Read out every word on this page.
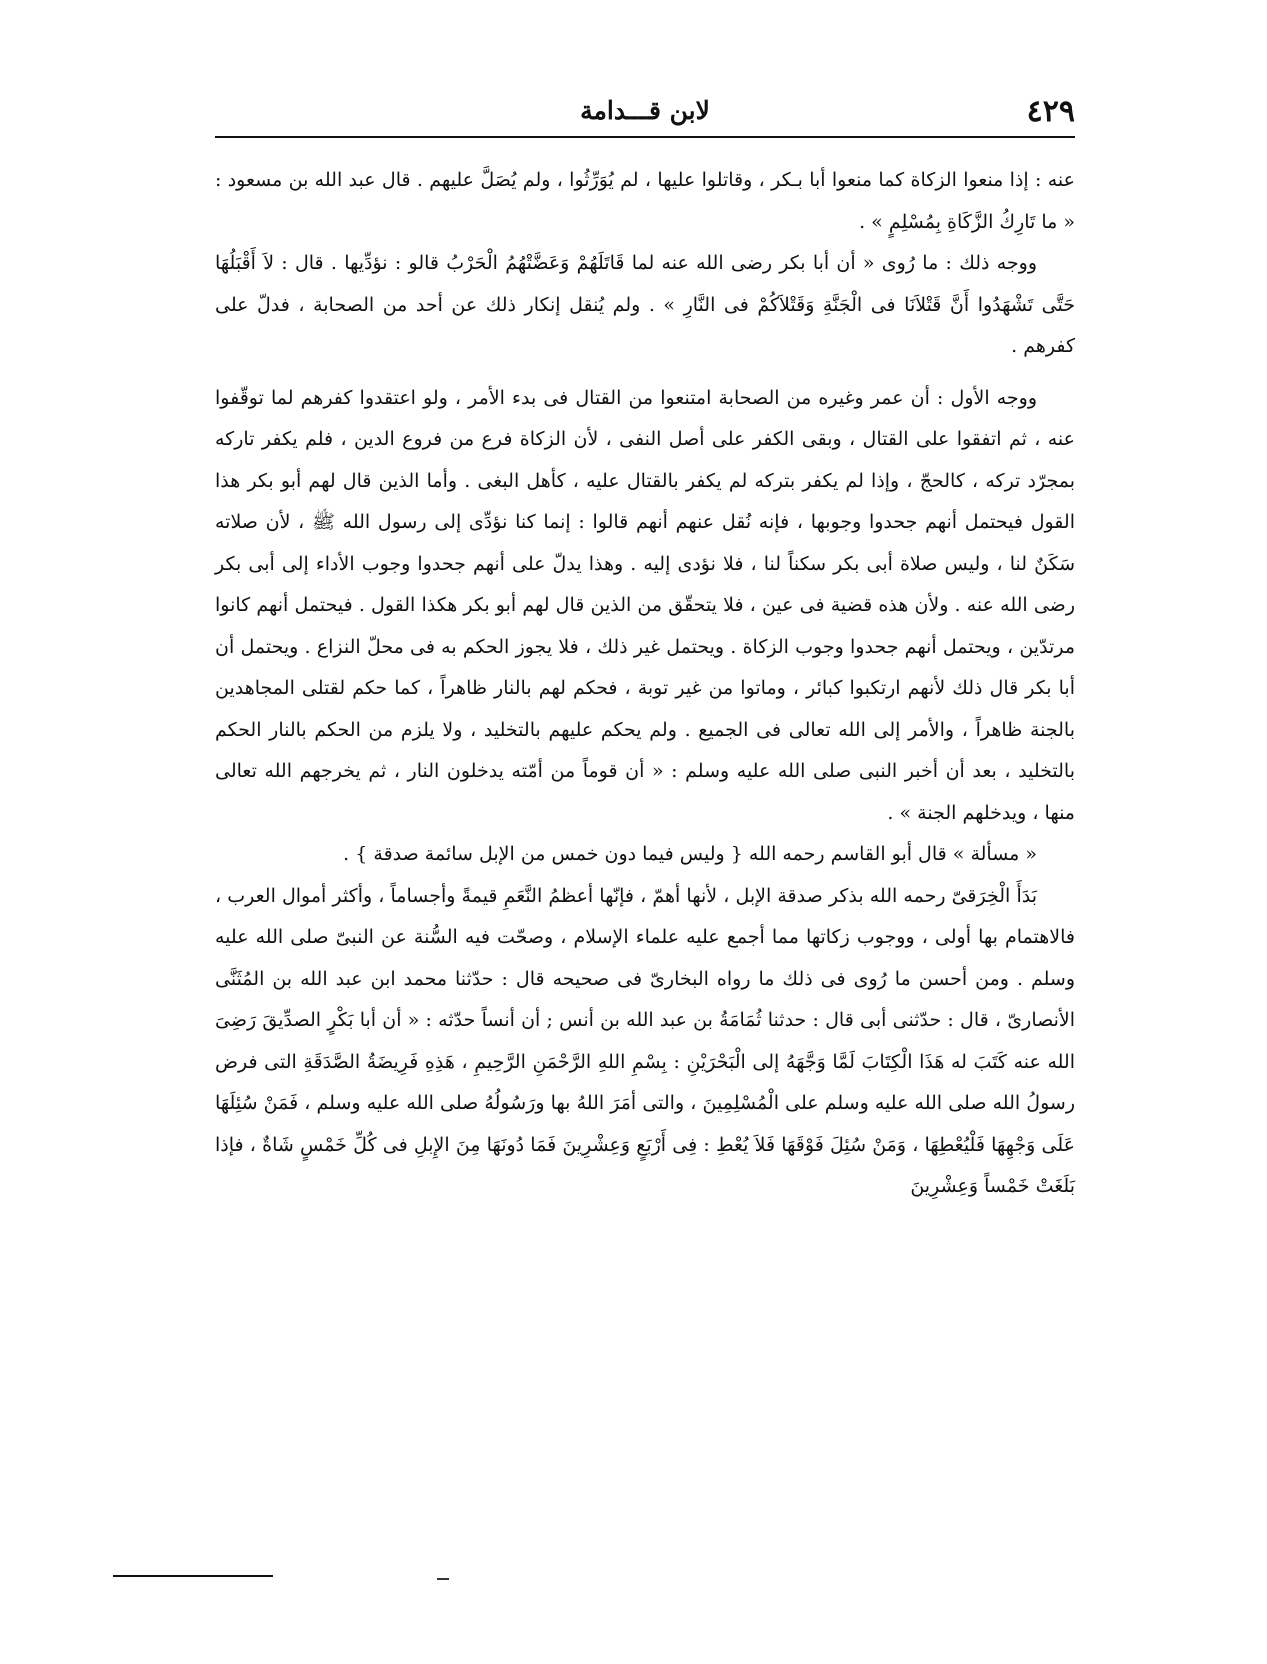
٤٢٩
لابن قـــدامة

عنه : إذا منعوا الزكاة كما منعوا أبا بـكر ، وقاتلوا عليها ، لم يُوَرِّثُوا ، ولم يُصَلَّ عليهم . قال عبد الله بن مسعود : « ما تَارِكُ الزَّكَاةِ بِمُسْلِمٍ » .

ووجه ذلك : ما رُوى « أن أبا بكر رضى الله عنه لما قَاتَلَهُمْ وَعَضَّتْهُمُ الْحَرْبُ قالو : نؤدِّيها . قال : لاَ أَقْبَلُهَا حَتَّى تَشْهَدُوا أَنَّ قَتْلاَنَا فى الْجَنَّةِ وَقَتْلاَكُمْ فى النَّارِ » . ولم يُنقل إنكار ذلك عن أحد من الصحابة ، فدلّ على كفرهم .

ووجه الأول : أن عمر وغيره من الصحابة امتنعوا من القتال فى بدء الأمر ، ولو اعتقدوا كفرهم لما توقّفوا عنه ، ثم اتفقوا على القتال ، وبقى الكفر على أصل النفى ، لأن الزكاة فرع من فروع الدين ، فلم يكفر تاركه بمجرّد تركه ، كالحجّ ، وإذا لم يكفر بتركه لم يكفر بالقتال عليه ، كأهل البغى . وأما الذين قال لهم أبو بكر هذا القول فيحتمل أنهم جحدوا وجوبها ، فإنه نُقل عنهم أنهم قالوا : إنما كنا نؤدِّى إلى رسول الله ﷺ ، لأن صلاته سَكَنٌ لنا ، وليس صلاة أبى بكر سكناً لنا ، فلا نؤدى إليه . وهذا يدلّ على أنهم جحدوا وجوب الأداء إلى أبى بكر رضى الله عنه . ولأن هذه قضية فى عين ، فلا يتحقّق من الذين قال لهم أبو بكر هكذا القول . فيحتمل أنهم كانوا مرتدّين ، ويحتمل أنهم جحدوا وجوب الزكاة . ويحتمل غير ذلك ، فلا يجوز الحكم به فى محلّ النزاع . ويحتمل أن أبا بكر قال ذلك لأنهم ارتكبوا كبائر ، وماتوا من غير توبة ، فحكم لهم بالنار ظاهراً ، كما حكم لقتلى المجاهدين بالجنة ظاهراً ، والأمر إلى الله تعالى فى الجميع . ولم يحكم عليهم بالتخليد ، ولا يلزم من الحكم بالنار الحكم بالتخليد ، بعد أن أخبر النبى صلى الله عليه وسلم : « أن قوماً من أمّته يدخلون النار ، ثم يخرجهم الله تعالى منها ، ويدخلهم الجنة » .

« مسألة » قال أبو القاسم رحمه الله { وليس فيما دون خمس من الإبل سائمة صدقة } .

بَدَأَ الْخِرَقىّ رحمه الله بذكر صدقة الإبل ، لأنها أهمّ ، فإنّها أعظمُ النَّعَمِ قيمةً وأجساماً ، وأكثر أموال العرب ، فالاهتمام بها أولى ، ووجوب زكاتها مما أجمع عليه علماء الإسلام ، وصحّت فيه السُّنة عن النبىّ صلى الله عليه وسلم . ومن أحسن ما رُوى فى ذلك ما رواه البخارىّ فى صحيحه قال : حدّثنا محمد ابن عبد الله بن المُثَنَّى الأنصارىّ ، قال : حدّثنى أبى قال : حدثنا ثُمَامَةُ بن عبد الله بن أنس ; أن أنساً حدّثه : « أن أبا بَكْرٍ الصدِّيقَ رَضِىَ الله عنه كَتَبَ له هَذَا الْكِتَابَ لَمَّا وَجَّهَهُ إلى الْبَحْرَيْنِ : بِسْمِ اللهِ الرَّحْمَنِ الرَّحِيمِ ، هَذِهِ فَرِيضَةُ الصَّدَقَةِ التى فرض رسولُ الله صلى الله عليه وسلم على الْمُسْلِمِينَ ، والتى أمَرَ اللهُ بها ورَسُولُهُ صلى الله عليه وسلم ، فَمَنْ سُئِلَهَا عَلَى وَجْهِهَا فَلْيُعْطِهَا ، وَمَنْ سُئِلَ فَوْقَهَا فَلاَ يُعْطِ : فِى أَرْبَعٍ وَعِشْرِينَ فَمَا دُونَهَا مِنَ الإِبلِ فى كُلِّ خَمْسٍ شَاةٌ ، فإذا بَلَغَتْ خَمْساً وَعِشْرِينَ
